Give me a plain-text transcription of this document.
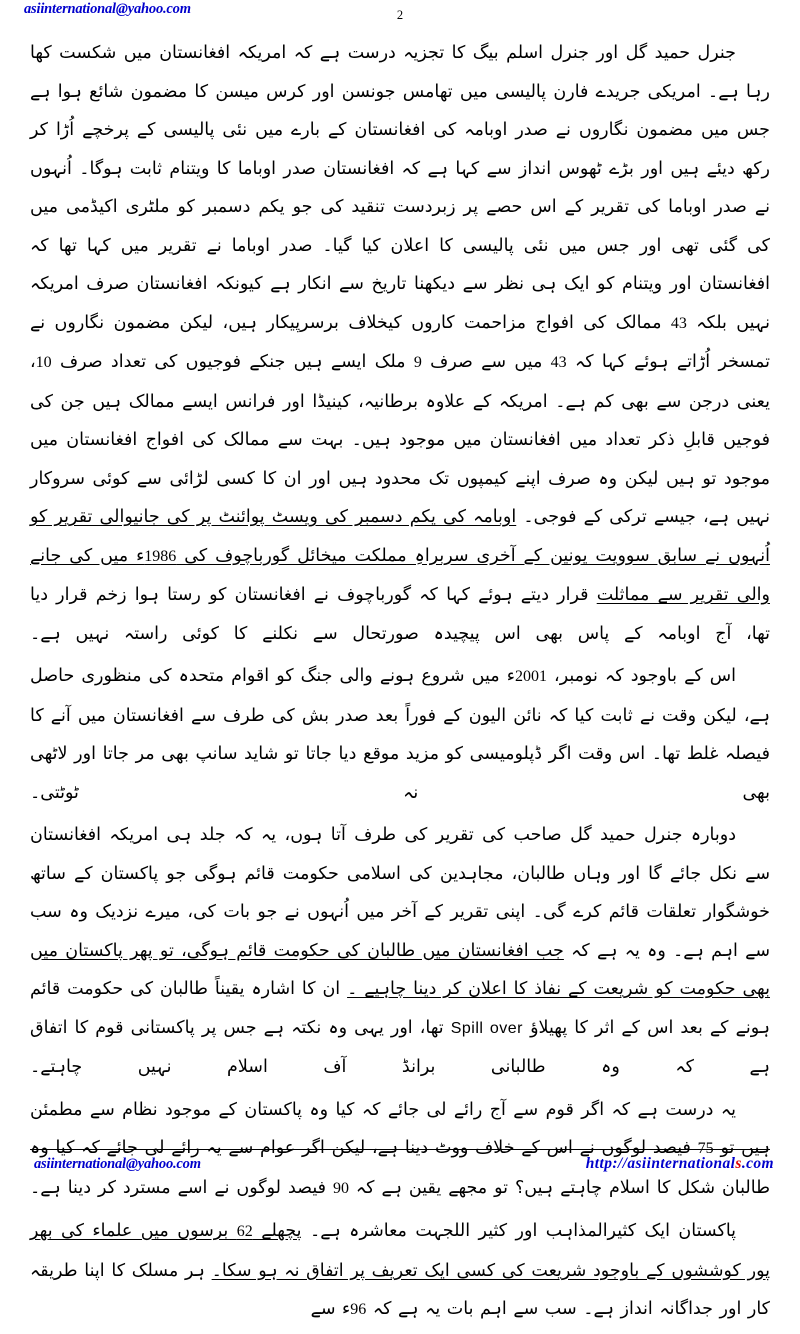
asiinternational@yahoo.com	2

جنرل حمید گل اور جنرل اسلم بیگ کا تجزیہ درست ہے کہ امریکہ افغانستان میں شکست کھا رہا ہے۔ امریکی جریدے فارن پالیسی میں تھامس جونسن اور کرس میسن کا مضمون شائع ہوا ہے جس میں مضمون نگاروں نے صدر اوبامہ کی افغانستان کے بارے میں نئی پالیسی کے پرخچے اُڑا کر رکھ دیئے ہیں اور بڑے ٹھوس انداز سے کہا ہے کہ افغانستان صدر اوباما کا ویتنام ثابت ہوگا۔ اُنہوں نے صدر اوباما کی تقریر کے اس حصے پر زبردست تنقید کی جو یکم دسمبر کو ملٹری اکیڈمی میں کی گئی تھی اور جس میں نئی پالیسی کا اعلان کیا گیا۔ صدر اوباما نے تقریر میں کہا تھا کہ افغانستان اور ویتنام کو ایک ہی نظر سے دیکھنا تاریخ سے انکار ہے کیونکہ افغانستان صرف امریکہ نہیں بلکہ 43 ممالک کی افواج مزاحمت کاروں کیخلاف برسرپیکار ہیں، لیکن مضمون نگاروں نے تمسخر اُڑاتے ہوئے کہا کہ 43 میں سے صرف 9 ملک ایسے ہیں جنکے فوجیوں کی تعداد صرف 10، یعنی درجن سے بھی کم ہے۔ امریکہ کے علاوہ برطانیہ، کینیڈا اور فرانس ایسے ممالک ہیں جن کی فوجیں قابلِ ذکر تعداد میں افغانستان میں موجود ہیں۔ بہت سے ممالک کی افواج افغانستان میں موجود تو ہیں لیکن وہ صرف اپنے کیمپوں تک محدود ہیں اور ان کا کسی لڑائی سے کوئی سروکار نہیں ہے، جیسے ترکی کے فوجی۔ اوبامہ کی یکم دسمبر کی ویسٹ پوائنٹ پر کی جانیوالی تقریر کو اُنہوں نے سابق سوویت یونین کے آخری سربراہِ مملکت میخائل گورباچوف کی 1986ء میں کی جانے والی تقریر سے مماثلت قرار دیتے ہوئے کہا کہ گورباچوف نے افغانستان کو رستا ہوا زخم قرار دیا تھا، آج اوبامہ کے پاس بھی اس پیچیدہ صورتحال سے نکلنے کا کوئی راستہ نہیں ہے۔

اس کے باوجود کہ نومبر، 2001ء میں شروع ہونے والی جنگ کو اقوام متحدہ کی منظوری حاصل ہے، لیکن وقت نے ثابت کیا کہ نائن الیون کے فوراً بعد صدر بش کی طرف سے افغانستان میں آنے کا فیصلہ غلط تھا۔ اس وقت اگر ڈپلومیسی کو مزید موقع دیا جاتا تو شاید سانپ بھی مر جاتا اور لاٹھی بھی نہ ٹوٹتی۔

دوبارہ جنرل حمید گل صاحب کی تقریر کی طرف آتا ہوں، یہ کہ جلد ہی امریکہ افغانستان سے نکل جائے گا اور وہاں طالبان، مجاہدین کی اسلامی حکومت قائم ہوگی جو پاکستان کے ساتھ خوشگوار تعلقات قائم کرے گی۔ اپنی تقریر کے آخر میں اُنہوں نے جو بات کی، میرے نزدیک وہ سب سے اہم ہے۔ وہ یہ ہے کہ جب افغانستان میں طالبان کی حکومت قائم ہوگی، تو پھر پاکستان میں بھی حکومت کو شریعت کے نفاذ کا اعلان کر دینا چاہیے ۔ ان کا اشارہ یقیناً طالبان کی حکومت قائم ہونے کے بعد اس کے اثر کا پھیلاؤ Spill over تھا، اور یہی وہ نکتہ ہے جس پر پاکستانی قوم کا اتفاق ہے کہ وہ طالبانی برانڈ آف اسلام نہیں چاہتے۔

یہ درست ہے کہ اگر قوم سے آج رائے لی جائے کہ کیا وہ پاکستان کے موجود نظام سے مطمئن ہیں تو 75 فیصد لوگوں نے اس کے خلاف ووٹ دینا ہے، لیکن اگر عوام سے یہ رائے لی جائے کہ کیا وہ طالبان شکل کا اسلام چاہتے ہیں؟ تو مجھے یقین ہے کہ 90 فیصد لوگوں نے اسے مسترد کر دینا ہے۔

پاکستان ایک کثیرالمذاہب اور کثیر اللجہت معاشرہ ہے۔ پچھلے 62 برسوں میں علماء کی بھر پور کوششوں کے باوجود شریعت کی کسی ایک تعریف پر اتفاق نہ ہو سکا۔ ہر مسلک کا اپنا طریقہ کار اور جداگانہ انداز ہے۔ سب سے اہم بات یہ ہے کہ 96ء سے

asiinternational@yahoo.com	http://asiinternationals.com
